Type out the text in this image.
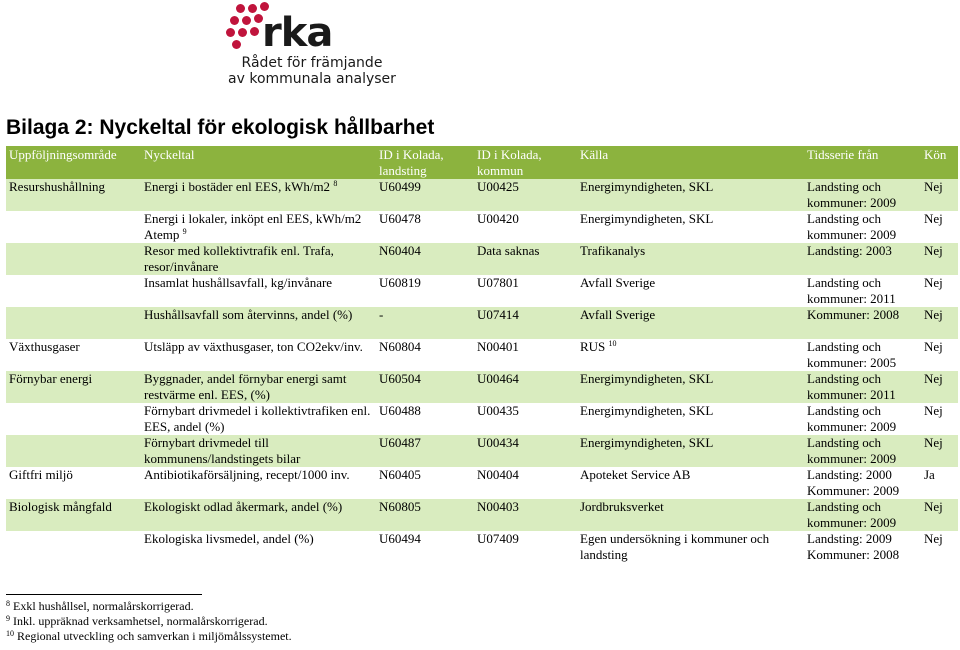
rka
Rådet för främjande
av kommunala analyser
Bilaga 2: Nyckeltal för ekologisk hållbarhet
Uppföljningsområde	Nyckeltal	ID i Kolada, landsting	ID i Kolada, kommun	Källa	Tidsserie från	Kön
Resurshushållning	Energi i bostäder enl EES, kWh/m2 $^8$	U60499	U00425	Energimyndigheten, SKL	Landsting och kommuner: 2009	Nej
	Energi i lokaler, inköpt enl EES, kWh/m2 Atemp $^9$	U60478	U00420	Energimyndigheten, SKL	Landsting och kommuner: 2009	Nej
	Resor med kollektivtrafik enl. Trafa, resor/invånare	N60404	Data saknas	Trafikanalys	Landsting: 2003	Nej
	Insamlat hushållsavfall, kg/invånare	U60819	U07801	Avfall Sverige	Landsting och kommuner: 2011	Nej
	Hushållsavfall som återvinns, andel (%)	-	U07414	Avfall Sverige	Kommuner: 2008	Nej
Växthusgaser	Utsläpp av växthusgaser, ton CO2ekv/inv.	N60804	N00401	RUS $^{10}$	Landsting och kommuner: 2005	Nej
Förnybar energi	Byggnader, andel förnybar energi samt restvärme enl. EES, (%)	U60504	U00464	Energimyndigheten, SKL	Landsting och kommuner: 2011	Nej
	Förnybart drivmedel i kollektivtrafiken enl. EES, andel (%)	U60488	U00435	Energimyndigheten, SKL	Landsting och kommuner: 2009	Nej
	Förnybart drivmedel till kommunens/landstingets bilar	U60487	U00434	Energimyndigheten, SKL	Landsting och kommuner: 2009	Nej
Giftfri miljö	Antibiotikaförsäljning, recept/1000 inv.	N60405	N00404	Apoteket Service AB	Landsting: 2000 Kommuner: 2009	Ja
Biologisk mångfald	Ekologiskt odlad åkermark, andel (%)	N60805	N00403	Jordbruksverket	Landsting och kommuner: 2009	Nej
	Ekologiska livsmedel, andel (%)	U60494	U07409	Egen undersökning i kommuner och landsting	Landsting: 2009 Kommuner: 2008	Nej
$^8$ Exkl hushållsel, normalårskorrigerad.
$^9$ Inkl. uppräknad verksamhetsel, normalårskorrigerad.
$^{10}$ Regional utveckling och samverkan i miljömålssystemet.
